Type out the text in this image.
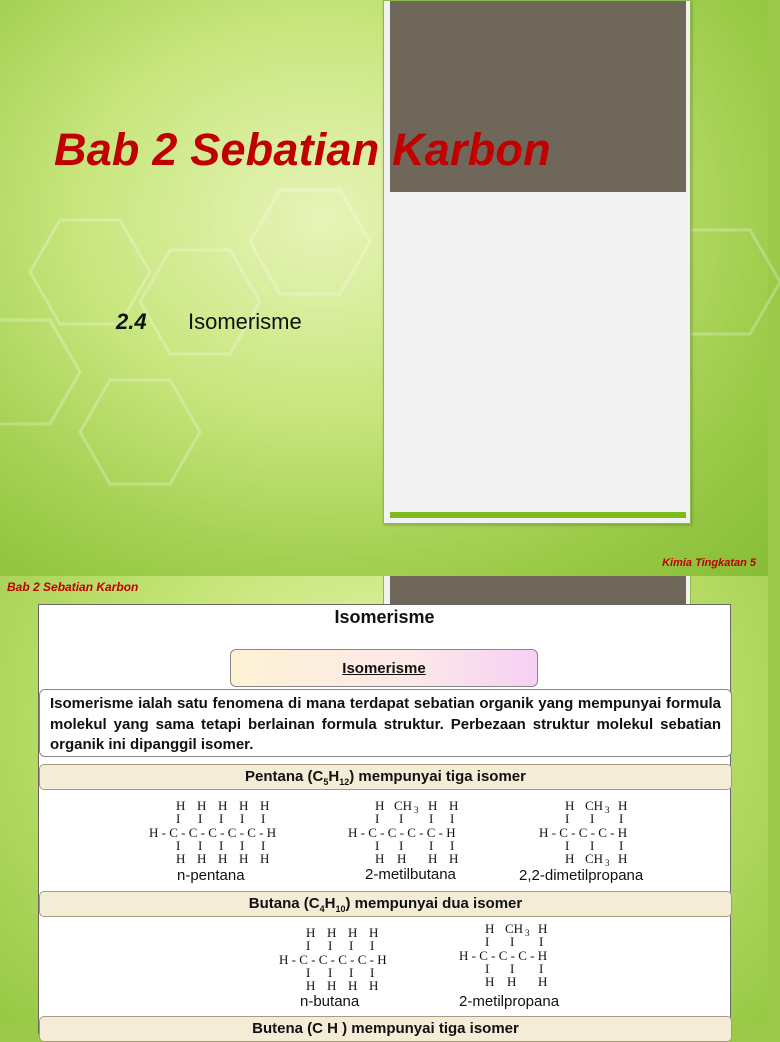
Bab 2 Sebatian Karbon
2.4 Isomerisme
Kimia Tingkatan 5
Bab 2 Sebatian Karbon
Isomerisme
Isomerisme
Isomerisme ialah satu fenomena di mana terdapat sebatian organik yang mempunyai formula molekul yang sama tetapi berlainan formula struktur. Perbezaan struktur molekul sebatian organik ini dipanggil isomer.
Pentana $(C_5H_{12})$ mempunyai tiga isomer
H H H H H
I I I I I
H - C - C - C - C - C - H
I I I I I
H H H H H
H CH 3 H H
I I I I
H - C - C - C - C - H
I I I I
H H H H
H CH 3 H
I I I
H - C - C - C - H
I I I
H CH 3 H
n-pentana	2-metilbutana	2,2-dimetilpropana
Butana $(C_4H_{10})$ mempunyai dua isomer
H H H H
I I I I
H - C - C - C - C - H
I I I I
H H H H
H CH 3 H
I I I
H - C - C - C - H
I I I
H H H
n-butana	2-metilpropana
Butena (C H ) mempunyai tiga isomer
